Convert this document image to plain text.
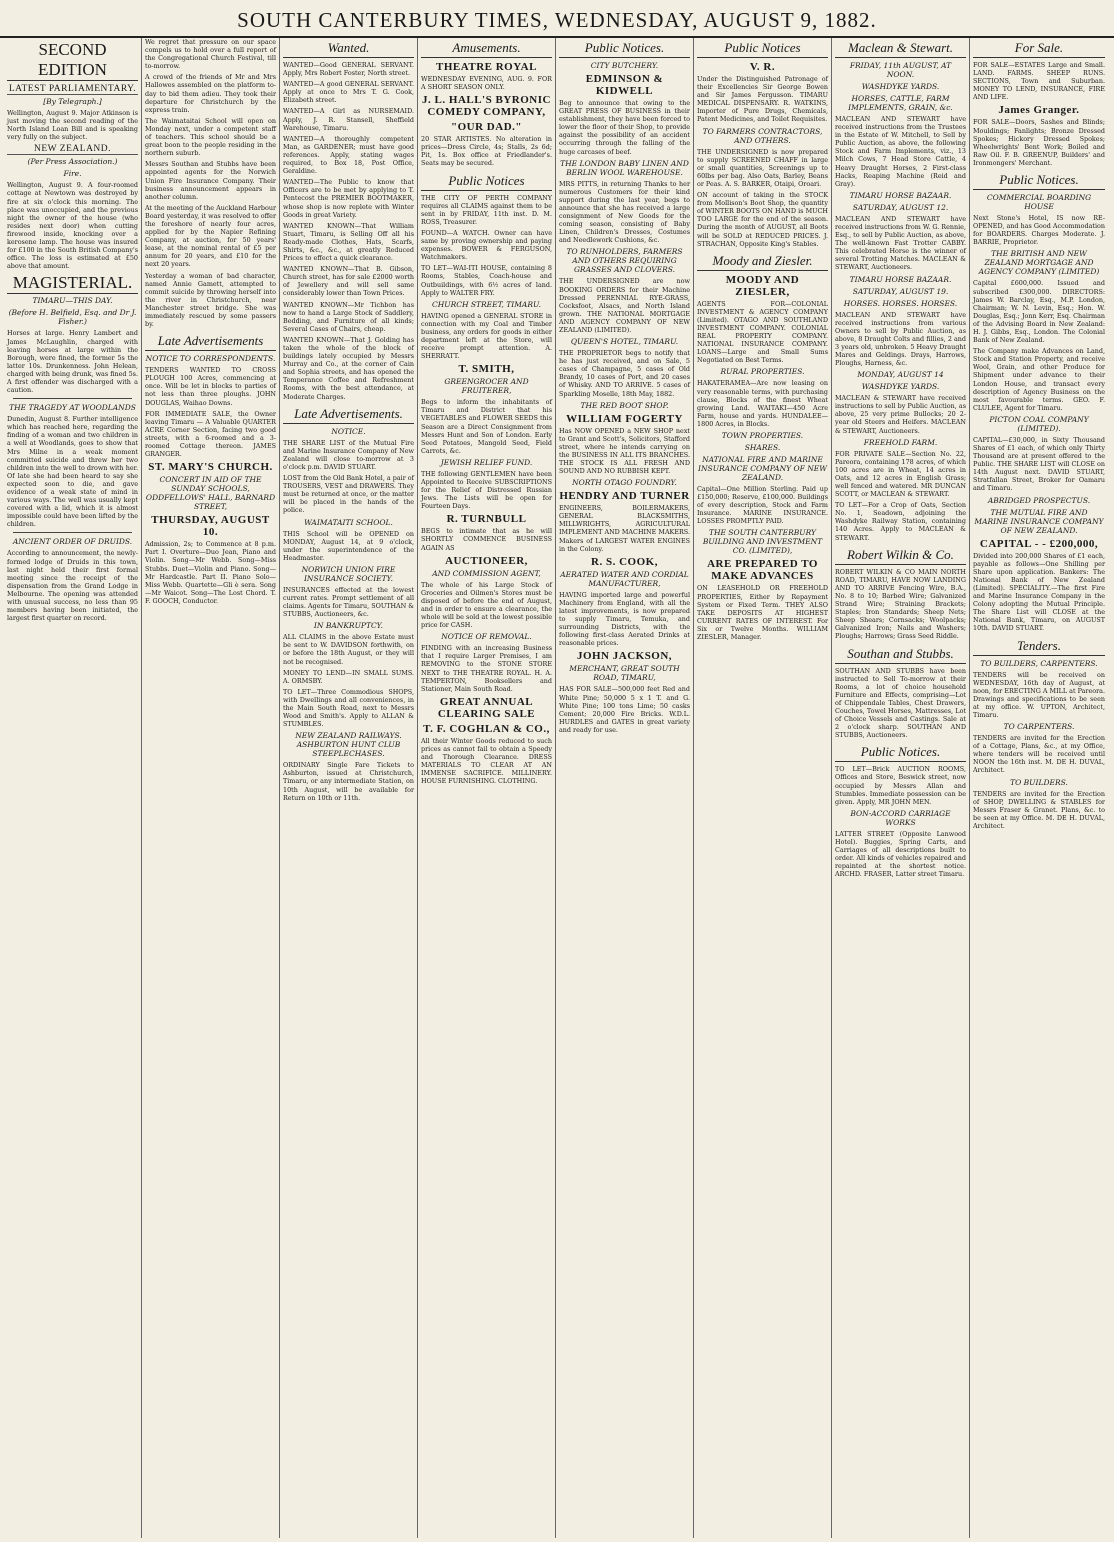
SOUTH CANTERBURY TIMES, WEDNESDAY, AUGUST 9, 1882.
SECOND EDITION
LATEST PARLIAMENTARY.
[By Telegraph.]

Wellington, August 9. Major Atkinson is just moving the second reading of the North Island Loan Bill and is speaking very fully on the subject.

NEW ZEALAND.
(Per Press Association.)
Fire.

Wellington, August 9. A four-roomed cottage at Newtown was destroyed by fire at six o'clock this morning. The place was unoccupied, and the previous night the owner of the house (who resides next door) when cutting firewood inside, knocking over a kerosene lamp. The house was insured for £100 in the South British Company's office. The loss is estimated at £50 above that amount.

MAGISTERIAL.
TIMARU—THIS DAY.
(Before H. Belfield, Esq. and Dr J. Fisher.)

Horses at large. Henry Lambert and James McLaughlin, charged with leaving horses at large within the Borough, were fined, the former 5s the latter 10s. Drunkenness. John Helean, charged with being drunk, was fined 5s. A first offender was discharged with a caution.

THE TRAGEDY AT WOODLANDS

Dunedin, August 8. Further intelligence which has reached here, regarding the finding of a woman and two children in a well at Woodlands, goes to show that Mrs Milne in a weak moment committed suicide and threw her two children into the well to drown with her. Of late she had been heard to say she expected soon to die, and gave evidence of a weak state of mind in various ways. The well was usually kept covered with a lid, which it is almost impossible could have been lifted by the children.

ANCIENT ORDER OF DRUIDS.

According to announcement, the newly-formed lodge of Druids in this town, last night held their first formal meeting since the receipt of the dispensation from the Grand Lodge in Melbourne. The opening was attended with unusual success, no less than 95 members having been initiated, the largest first quarter on record.

We regret that pressure on our space compels us to hold over a full report of the Congregational Church Festival, till to-morrow.

A crowd of the friends of Mr and Mrs Hallowes assembled on the platform to-day to bid them adieu. They took their departure for Christchurch by the express train.

The Waimataitai School will open on Monday next, under a competent staff of teachers. This school should be a great boon to the people residing in the northern suburb.

Messrs Southan and Stubbs have been appointed agents for the Norwich Union Fire Insurance Company. Their business announcement appears in another column.

At the meeting of the Auckland Harbour Board yesterday, it was resolved to offer the foreshore of nearly four acres, applied for by the Napier Refining Company, at auction, for 50 years' lease, at the nominal rental of £5 per annum for 20 years, and £10 for the next 20 years.

Yesterday a woman of bad character, named Annie Gamett, attempted to commit suicide by throwing herself into the river in Christchurch, near Manchester street bridge. She was immediately rescued by some passers by.

Late Advertisements
NOTICE TO CORRESPONDENTS.

TENDERS WANTED TO CROSS PLOUGH 100 Acres, commencing at once. Will be let in blocks to parties of not less than three ploughs. JOHN DOUGLAS, Waihao Downs.

FOR IMMEDIATE SALE, the Owner leaving Timaru — A Valuable QUARTER ACRE Corner Section, facing two good streets, with a 6-roomed and a 3-roomed Cottage thereon. JAMES GRANGER.

ST. MARY'S CHURCH.
CONCERT IN AID OF THE SUNDAY SCHOOLS, ODDFELLOWS' HALL, BARNARD STREET,
THURSDAY, AUGUST 10.

Admission, 2s; to Commence at 8 p.m. Part I. Overture—Duo Jean, Piano and Violin. Song—Mr Webb. Song—Miss Stubbs. Duet—Violin and Piano. Song—Mr Hardcastle. Part II. Piano Solo—Miss Webb. Quartette—Gli è sera. Song—Mr Waicot. Song—The Lost Chord. T. F. GOOCH, Conductor.

Wanted.

WANTED—Good GENERAL SERVANT. Apply, Mrs Robert Foster, North street.

WANTED—A good GENERAL SERVANT. Apply at once to Mrs T. G. Cook, Elizabeth street.

WANTED—A Girl as NURSEMAID. Apply, J. R. Stansell, Sheffield Warehouse, Timaru.

WANTED—A thoroughly competent Man, as GARDENER; must have good references. Apply, stating wages required, to Box 18, Post Office, Geraldine.

WANTED—The Public to know that Officers are to be met by applying to T. Pentecost the PREMIER BOOTMAKER, whose shop is now replete with Winter Goods in great Variety.

WANTED KNOWN—That William Stuart, Timaru, is Selling Off all his Ready-made Clothes, Hats, Scarfs, Shirts, &c., &c., at greatly Reduced Prices to effect a quick clearance.

WANTED KNOWN—That B. Gibson, Church street, has for sale £2000 worth of Jewellery and will sell same considerably lower than Town Prices.

WANTED KNOWN—Mr Tichbon has now to hand a Large Stock of Saddlery, Bedding, and Furniture of all kinds; Several Cases of Chairs, cheap.

WANTED KNOWN—That J. Golding has taken the whole of the block of buildings lately occupied by Messrs Murray and Co., at the corner of Cain and Sophia streets, and has opened the Temperance Coffee and Refreshment Rooms, with the best attendance, at Moderate Charges.

Late Advertisements.
NOTICE.

THE SHARE LIST of the Mutual Fire and Marine Insurance Company of New Zealand will close to-morrow at 3 o'clock p.m. DAVID STUART.

LOST from the Old Bank Hotel, a pair of TROUSERS, VEST and DRAWERS. They must be returned at once, or the matter will be placed in the hands of the police.

WAIMATAITI SCHOOL.

THIS School will be OPENED on MONDAY, August 14, at 9 o'clock, under the superintendence of the Headmaster.

NORWICH UNION FIRE INSURANCE SOCIETY.

INSURANCES effected at the lowest current rates. Prompt settlement of all claims. Agents for Timaru, SOUTHAN & STUBBS, Auctioneers, &c.

IN BANKRUPTCY.

ALL CLAIMS in the above Estate must be sent to W. DAVIDSON forthwith, on or before the 18th August, or they will not be recognised.

MONEY TO LEND—IN SMALL SUMS. A. ORMSBY.

TO LET—Three Commodious SHOPS, with Dwellings and all conveniences, in the Main South Road, next to Messrs Wood and Smith's. Apply to ALLAN & STUMBLES.

NEW ZEALAND RAILWAYS. ASHBURTON HUNT CLUB STEEPLECHASES.

ORDINARY Single Fare Tickets to Ashburton, issued at Christchurch, Timaru, or any intermediate Station, on 10th August, will be available for Return on 10th or 11th.

Amusements.
THEATRE ROYAL

WEDNESDAY EVENING, AUG. 9. FOR A SHORT SEASON ONLY.

J. L. HALL'S BYRONIC COMEDY COMPANY,
"OUR DAD."

20 STAR ARTISTES. No alteration in prices—Dress Circle, 4s; Stalls, 2s 6d; Pit, 1s. Box office at Friedlander's. Seats may be secured.

Public Notices

THE CITY OF PERTH COMPANY requires all CLAIMS against them to be sent in by FRIDAY, 11th inst. D. M. ROSS, Treasurer.

FOUND—A WATCH. Owner can have same by proving ownership and paying expenses. BOWER & FERGUSON, Watchmakers.

TO LET—WAI-ITI HOUSE, containing 8 Rooms, Stables, Coach-house and Outbuildings, with 6½ acres of land. Apply to WALTER FRY.

CHURCH STREET, TIMARU.

HAVING opened a GENERAL STORE in connection with my Coal and Timber business, any orders for goods in either department left at the Store, will receive prompt attention. A. SHERRATT.

T. SMITH,
GREENGROCER AND FRUITERER,

Begs to inform the inhabitants of Timaru and District that his VEGETABLES and FLOWER SEEDS this Season are a Direct Consignment from Messrs Hunt and Son of London. Early Seed Potatoes, Mangold Seed, Field Carrots, &c.

JEWISH RELIEF FUND.

THE following GENTLEMEN have been Appointed to Receive SUBSCRIPTIONS for the Relief of Distressed Russian Jews. The Lists will be open for Fourteen Days.

R. TURNBULL

BEGS to intimate that as he will SHORTLY COMMENCE BUSINESS AGAIN AS

AUCTIONEER,
AND COMMISSION AGENT,

The whole of his Large Stock of Groceries and Oilmen's Stores must be disposed of before the end of August, and in order to ensure a clearance, the whole will be sold at the lowest possible price for CASH.

NOTICE OF REMOVAL.

FINDING with an increasing Business that I require Larger Premises, I am REMOVING to the STONE STORE NEXT to THE THEATRE ROYAL. H. A. TEMPERTON, Booksellers and Stationer, Main South Road.

GREAT ANNUAL CLEARING SALE
T. F. COGHLAN & CO.,

All their Winter Goods reduced to such prices as cannot fail to obtain a Speedy and Thorough Clearance. DRESS MATERIALS TO CLEAR AT AN IMMENSE SACRIFICE. MILLINERY. HOUSE FURNISHING. CLOTHING.

Public Notices.
CITY BUTCHERY.
EDMINSON & KIDWELL

Beg to announce that owing to the GREAT PRESS OF BUSINESS in their establishment, they have been forced to lower the floor of their Shop, to provide against the possibility of an accident occurring through the falling of the huge carcases of beef.

THE LONDON BABY LINEN AND BERLIN WOOL WAREHOUSE.

MRS PITTS, in returning Thanks to her numerous Customers for their kind support during the last year, begs to announce that she has received a large consignment of New Goods for the coming season, consisting of Baby Linen, Children's Dresses, Costumes and Needlework Cushions, &c.

TO RUNHOLDERS, FARMERS AND OTHERS REQUIRING GRASSES AND CLOVERS.

THE UNDERSIGNED are now BOOKING ORDERS for their Machine Dressed PERENNIAL RYE-GRASS, Cocksfoot, Alsacs, and North Island grown. THE NATIONAL MORTGAGE AND AGENCY COMPANY OF NEW ZEALAND (LIMITED).

QUEEN'S HOTEL, TIMARU.

THE PROPRIETOR begs to notify that he has just received, and on Sale, 5 cases of Champagne, 5 cases of Old Brandy, 10 cases of Port, and 20 cases of Whisky. AND TO ARRIVE. 5 cases of Sparkling Moselle, 18th May, 1882.

THE RED BOOT SHOP.
WILLIAM FOGERTY

Has NOW OPENED a NEW SHOP next to Grant and Scott's, Solicitors, Stafford street, where he intends carrying on the BUSINESS IN ALL ITS BRANCHES. THE STOCK IS ALL FRESH AND SOUND AND NO RUBBISH KEPT.

NORTH OTAGO FOUNDRY.
HENDRY AND TURNER

ENGINEERS, BOILERMAKERS, GENERAL BLACKSMITHS, MILLWRIGHTS, AGRICULTURAL IMPLEMENT AND MACHINE MAKERS. Makers of LARGEST WATER ENGINES in the Colony.

R. S. COOK,
AERATED WATER AND CORDIAL MANUFACTURER,

HAVING imported large and powerful Machinery from England, with all the latest improvements, is now prepared to supply Timaru, Temuka, and surrounding Districts, with the following first-class Aerated Drinks at reasonable prices.

JOHN JACKSON,
MERCHANT, GREAT SOUTH ROAD, TIMARU,

HAS FOR SALE—500,000 feet Red and White Pine; 50,000 5 x 1 T. and G. White Pine; 100 tons Lime; 50 casks Cement; 20,000 Fire Bricks. W.D.L. HURDLES and GATES in great variety and ready for use.

Public Notices
V. R.

Under the Distinguished Patronage of their Excellencies Sir George Bowen and Sir James Fergusson. TIMARU MEDICAL DISPENSARY. R. WATKINS, Importer of Pure Drugs, Chemicals, Patent Medicines, and Toilet Requisites.

TO FARMERS CONTRACTORS, AND OTHERS.

THE UNDERSIGNED is now prepared to supply SCREENED CHAFF in large or small quantities, Screenings up to 60lbs per bag. Also Oats, Barley, Beans or Peas. A. S. BARKER, Otaipi, Oroari.

ON account of taking in the STOCK from Mollison's Boot Shop, the quantity of WINTER BOOTS ON HAND is MUCH TOO LARGE for the end of the season. During the month of AUGUST, all Boots will be SOLD at REDUCED PRICES. J. STRACHAN, Opposite King's Stables.

Moody and Ziesler.
MOODY AND ZIESLER,

AGENTS FOR—COLONIAL INVESTMENT & AGENCY COMPANY (Limited). OTAGO AND SOUTHLAND INVESTMENT COMPANY. COLONIAL REAL PROPERTY COMPANY. NATIONAL INSURANCE COMPANY. LOANS—Large and Small Sums Negotiated on Best Terms.

RURAL PROPERTIES.

HAKATERAMEA—Are now leasing on very reasonable terms, with purchasing clause, Blocks of the finest Wheat growing Land. WAITAKI—450 Acre Farm, house and yards. HUNDALEE—1800 Acres, in Blocks.

TOWN PROPERTIES.
SHARES.
NATIONAL FIRE AND MARINE INSURANCE COMPANY OF NEW ZEALAND.

Capital—One Million Sterling. Paid up £150,000; Reserve, £100,000. Buildings of every description, Stock and Farm Insurance. MARINE INSURANCE. LOSSES PROMPTLY PAID.

THE SOUTH CANTERBURY BUILDING AND INVESTMENT CO. (LIMITED),
ARE PREPARED TO MAKE ADVANCES

ON LEASEHOLD OR FREEHOLD PROPERTIES, Either by Repayment System or Fixed Term. THEY ALSO TAKE DEPOSITS AT HIGHEST CURRENT RATES OF INTEREST. For Six or Twelve Months. WILLIAM ZIESLER, Manager.

Maclean & Stewart.
FRIDAY, 11th AUGUST, AT NOON.
WASHDYKE YARDS.
HORSES, CATTLE, FARM IMPLEMENTS, GRAIN, &c.

MACLEAN AND STEWART have received instructions from the Trustees in the Estate of W. Mitchell, to Sell by Public Auction, as above, the following Stock and Farm Implements, viz., 13 Milch Cows, 7 Head Store Cattle, 4 Heavy Draught Horses, 2 First-class Hacks, Reaping Machine (Reid and Gray).

TIMARU HORSE BAZAAR.
SATURDAY, AUGUST 12.

MACLEAN AND STEWART have received instructions from W. G. Rennie, Esq., to sell by Public Auction, as above, The well-known Fast Trotter CABBY. This celebrated Horse is the winner of several Trotting Matches. MACLEAN & STEWART, Auctioneers.

TIMARU HORSE BAZAAR.
SATURDAY, AUGUST 19.
HORSES. HORSES. HORSES.

MACLEAN AND STEWART have received instructions from various Owners to sell by Public Auction, as above, 8 Draught Colts and fillies, 2 and 3 years old, unbroken. 5 Heavy Draught Mares and Geldings. Drays, Harrows, Ploughs, Harness, &c.

MONDAY, AUGUST 14
WASHDYKE YARDS.

MACLEAN & STEWART have received instructions to sell by Public Auction, as above, 25 very prime Bullocks; 20 2-year old Steers and Heifers. MACLEAN & STEWART, Auctioneers.

FREEHOLD FARM.

FOR PRIVATE SALE—Section No. 22, Pareora, containing 178 acres, of which 100 acres are in Wheat, 14 acres in Oats, and 12 acres in English Grass; well fenced and watered. MR DUNCAN SCOTT, or MACLEAN & STEWART.

TO LET—For a Crop of Oats, Section No. 1, Seadown, adjoining the Washdyke Railway Station, containing 140 Acres. Apply to MACLEAN & STEWART.

Robert Wilkin & Co.

ROBERT WILKIN & CO MAIN NORTH ROAD, TIMARU, HAVE NOW LANDING AND TO ARRIVE Fencing Wire, B.A., No. 8 to 10; Barbed Wire; Galvanized Strand Wire; Straining Brackets; Staples; Iron Standards; Sheep Nets; Sheep Shears; Cornsacks; Woolpacks; Galvanized Iron; Nails and Washers; Ploughs; Harrows; Grass Seed Riddle.

Southan and Stubbs.

SOUTHAN AND STUBBS have been instructed to Sell To-morrow at their Rooms, a lot of choice household Furniture and Effects, comprising—Lot of Chippendale Tables, Chest Drawers, Couches, Towel Horses, Mattresses, Lot of Choice Vessels and Castings. Sale at 2 o'clock sharp. SOUTHAN AND STUBBS, Auctioneers.

Public Notices.

TO LET—Brick AUCTION ROOMS, Offices and Store, Beswick street, now occupied by Messrs Allan and Stumbles. Immediate possession can be given. Apply, MR JOHN MEN.

BON-ACCORD CARRIAGE WORKS

LATTER STREET (Opposite Lanwood Hotel). Buggies, Spring Carts, and Carriages of all descriptions built to order. All kinds of vehicles repaired and repainted at the shortest notice. ARCHD. FRASER, Latter street Timaru.

For Sale.

FOR SALE—ESTATES Large and Small. LAND. FARMS. SHEEP RUNS. SECTIONS, Town and Suburban. MONEY TO LEND, INSURANCE, FIRE AND LIFE.

James Granger.

FOR SALE—Doors, Sashes and Blinds; Mouldings; Fanlights; Bronze Dressed Spokes; Hickory Dressed Spokes; Wheelwrights' Bent Work; Boiled and Raw Oil. F. B. GREENUP, Builders' and Ironmongers' Merchant.

Public Notices.
COMMERCIAL BOARDING HOUSE

Next Stone's Hotel, IS now RE-OPENED, and has Good Accommodation for BOARDERS. Charges Moderate. J. BARRIE, Proprietor.

THE BRITISH AND NEW ZEALAND MORTGAGE AND AGENCY COMPANY (LIMITED)

Capital £600,000. Issued and subscribed £300,000. DIRECTORS: James W. Barclay, Esq., M.P. London, Chairman; W. N. Levin, Esq.; Hon. W. Douglas, Esq.; Jonn Kerr, Esq. Chairman of the Advising Board in New Zealand: H. J. Gibbs, Esq., London. The Colonial Bank of New Zealand.

The Company make Advances on Land, Stock and Station Property, and receive Wool, Grain, and other Produce for Shipment under advance to their London House, and transact every description of Agency Business on the most favourable terms. GEO. F. CLULEE, Agent for Timaru.

PICTON COAL COMPANY (LIMITED).

CAPITAL—£30,000, in Sixty Thousand Shares of £1 each, of which only Thirty Thousand are at present offered to the Public. THE SHARE LIST will CLOSE on 14th August next. DAVID STUART, Stratfallan Street, Broker for Oamaru and Timaru.

ABRIDGED PROSPECTUS.
THE MUTUAL FIRE AND MARINE INSURANCE COMPANY OF NEW ZEALAND.
CAPITAL - - £200,000,

Divided into 200,000 Shares of £1 each, payable as follows—One Shilling per Share upon application. Bankers: The National Bank of New Zealand (Limited). SPECIALITY.—The first Fire and Marine Insurance Company in the Colony adopting the Mutual Principle. The Share List will CLOSE at the National Bank, Timaru, on AUGUST 10th. DAVID STUART.

Tenders.
TO BUILDERS, CARPENTERS.

TENDERS will be received on WEDNESDAY, 16th day of August, at noon, for ERECTING A MILL at Pareora. Drawings and specifications to be seen at my office. W. UPTON, Architect, Timaru.

TO CARPENTERS.

TENDERS are invited for the Erection of a Cottage, Plans, &c., at my Office, where tenders will be received until NOON the 16th inst. M. DE H. DUVAL, Architect.

TO BUILDERS.

TENDERS are invited for the Erection of SHOP, DWELLING & STABLES for Messrs Fraser & Granet. Plans, &c. to be seen at my Office. M. DE H. DUVAL, Architect.
